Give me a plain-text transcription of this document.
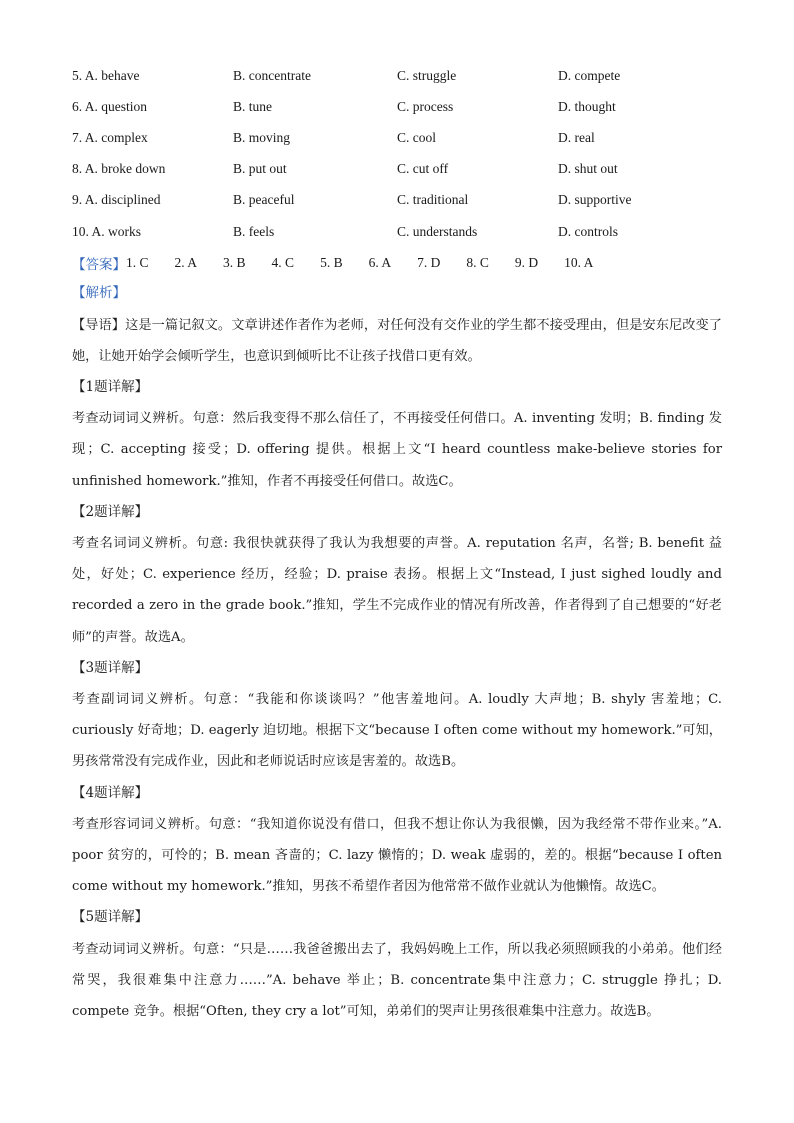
5. A. behave	B. concentrate	C. struggle	D. compete
6. A. question	B. tune	C. process	D. thought
7. A. complex	B. moving	C. cool	D. real
8. A. broke down	B. put out	C. cut off	D. shut out
9. A. disciplined	B. peaceful	C. traditional	D. supportive
10. A. works	B. feels	C. understands	D. controls
【答案】 1. C 2. A 3. B 4. C 5. B 6. A 7. D 8. C 9. D 10. A
【解析】
【导语】这是一篇记叙文。文章讲述作者作为老师，对任何没有交作业的学生都不接受理由，但是安东尼改变了她，让她开始学会倾听学生，也意识到倾听比不让孩子找借口更有效。
【1题详解】
考查动词词义辨析。句意：然后我变得不那么信任了，不再接受任何借口。A. inventing 发明；B. finding 发现；C. accepting 接受；D. offering 提供。根据上文“I heard countless make-believe stories for unfinished homework.”推知，作者不再接受任何借口。故选C。
【2题详解】
考查名词词义辨析。句意: 我很快就获得了我认为我想要的声誉。A. reputation 名声，名誉; B. benefit 益处，好处；C. experience 经历，经验；D. praise 表扬。根据上文“Instead, I just sighed loudly and recorded a zero in the grade book.”推知，学生不完成作业的情况有所改善，作者得到了自己想要的“好老师”的声誉。故选A。
【3题详解】
考查副词词义辨析。句意：“我能和你谈谈吗？”他害羞地问。A. loudly 大声地；B. shyly 害羞地；C. curiously 好奇地；D. eagerly 迫切地。根据下文“because I often come without my homework.”可知，男孩常常没有完成作业，因此和老师说话时应该是害羞的。故选B。
【4题详解】
考查形容词词义辨析。句意：“我知道你说没有借口，但我不想让你认为我很懒，因为我经常不带作业来。”A. poor 贫穷的，可怜的；B. mean 吝啬的；C. lazy 懒惰的；D. weak 虚弱的，差的。根据“because I often come without my homework.”推知，男孩不希望作者因为他常常不做作业就认为他懒惰。故选C。
【5题详解】
考查动词词义辨析。句意：“只是……我爸爸搬出去了，我妈妈晚上工作，所以我必须照顾我的小弟弟。他们经常哭，我很难集中注意力……”A. behave 举止；B. concentrate集中注意力；C. struggle 挣扎；D. compete 竞争。根据“Often, they cry a lot”可知，弟弟们的哭声让男孩很难集中注意力。故选B。
